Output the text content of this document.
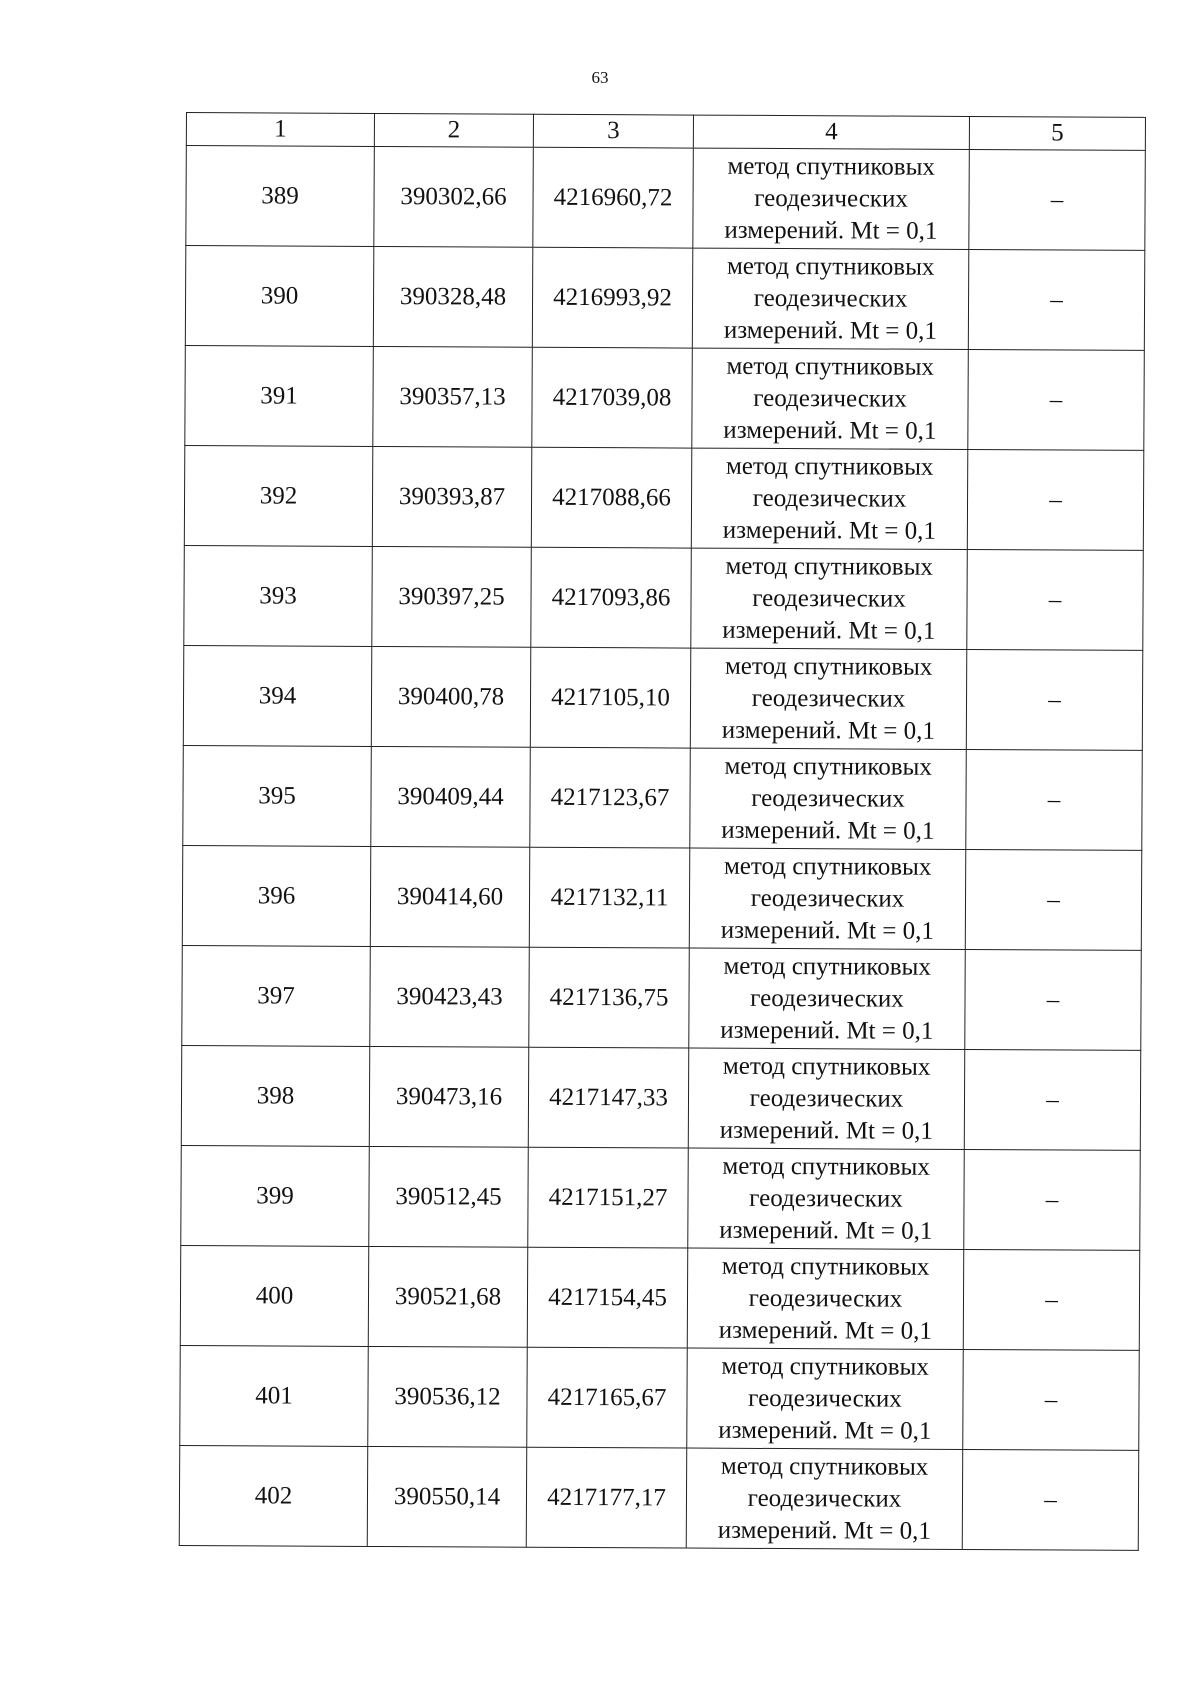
63
1	2	3	4	5
389	390302,66	4216960,72	метод спутниковых
геодезических
измерений. Mt = 0,1	–
390	390328,48	4216993,92	метод спутниковых
геодезических
измерений. Mt = 0,1	–
391	390357,13	4217039,08	метод спутниковых
геодезических
измерений. Mt = 0,1	–
392	390393,87	4217088,66	метод спутниковых
геодезических
измерений. Mt = 0,1	–
393	390397,25	4217093,86	метод спутниковых
геодезических
измерений. Mt = 0,1	–
394	390400,78	4217105,10	метод спутниковых
геодезических
измерений. Mt = 0,1	–
395	390409,44	4217123,67	метод спутниковых
геодезических
измерений. Mt = 0,1	–
396	390414,60	4217132,11	метод спутниковых
геодезических
измерений. Mt = 0,1	–
397	390423,43	4217136,75	метод спутниковых
геодезических
измерений. Mt = 0,1	–
398	390473,16	4217147,33	метод спутниковых
геодезических
измерений. Mt = 0,1	–
399	390512,45	4217151,27	метод спутниковых
геодезических
измерений. Mt = 0,1	–
400	390521,68	4217154,45	метод спутниковых
геодезических
измерений. Mt = 0,1	–
401	390536,12	4217165,67	метод спутниковых
геодезических
измерений. Mt = 0,1	–
402	390550,14	4217177,17	метод спутниковых
геодезических
измерений. Mt = 0,1	–
